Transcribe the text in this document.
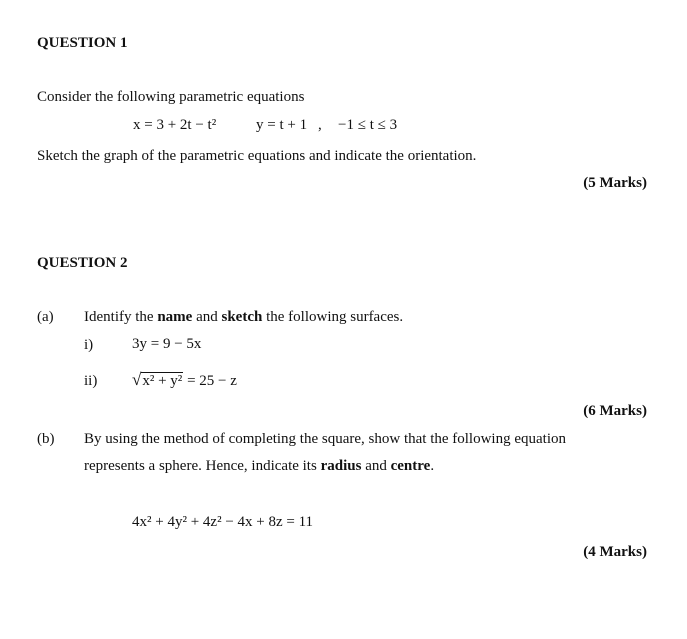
QUESTION 1
Consider the following parametric equations
x = 3 + 2t − t²	y = t + 1 , −1 ≤ t ≤ 3
Sketch the graph of the parametric equations and indicate the orientation.
(5 Marks)
QUESTION 2
(a) Identify the name and sketch the following surfaces.
i)	3y = 9 − 5x
ii) √x² + y² = 25 − z
(6 Marks)
(b) By using the method of completing the square, show that the following equation
represents a sphere. Hence, indicate its radius and centre.
4x² + 4y² + 4z² − 4x + 8z = 11
(4 Marks)
